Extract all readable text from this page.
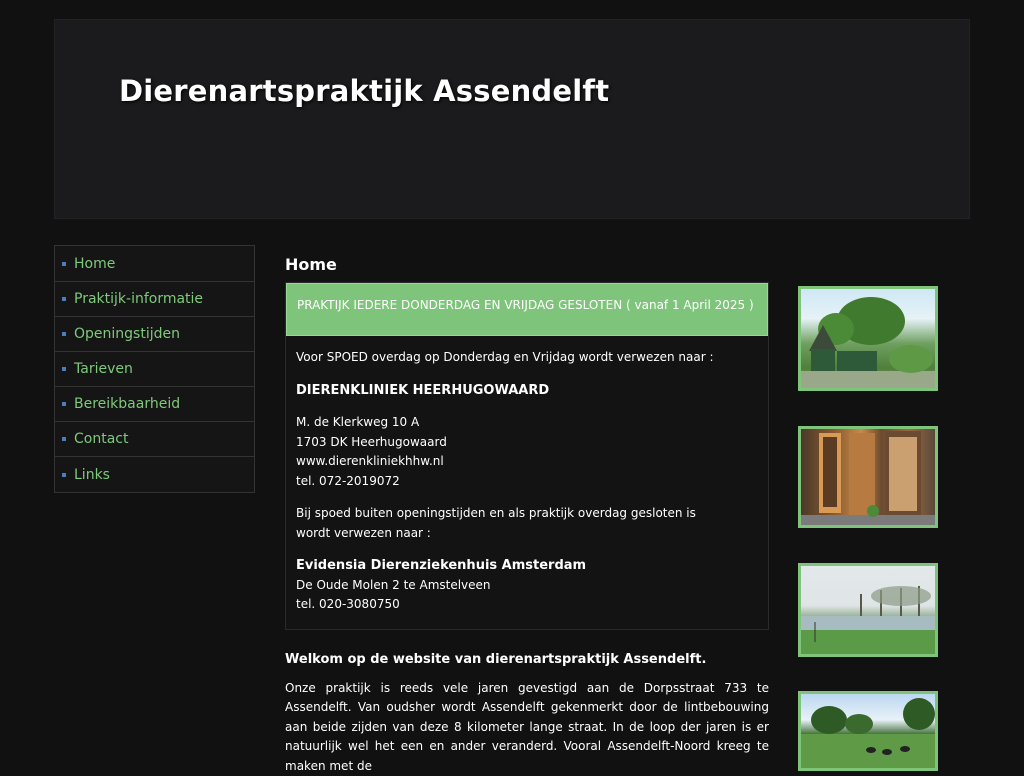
Dierenartspraktijk Assendelft
Home
Praktijk-informatie
Openingstijden
Tarieven
Bereikbaarheid
Contact
Links
Home
PRAKTIJK IEDERE DONDERDAG EN VRIJDAG GESLOTEN ( vanaf 1 April 2025 )

Voor SPOED overdag op Donderdag en Vrijdag wordt verwezen naar :

DIERENKLINIEK HEERHUGOWAARD

M. de Klerkweg 10 A

1703 DK Heerhugowaard

www.dierenkliniekhhw.nl

tel. 072-2019072

Bij spoed buiten openingstijden en als praktijk overdag gesloten is

wordt verwezen naar :

Evidensia Dierenziekenhuis Amsterdam

De Oude Molen 2 te Amstelveen

tel. 020-3080750

Welkom op de website van dierenartspraktijk Assendelft.

Onze praktijk is reeds vele jaren gevestigd aan de Dorpsstraat 733 te Assendelft. Van oudsher wordt Assendelft gekenmerkt door de lintbebouwing aan beide zijden van deze 8 kilometer lange straat. In de loop der jaren is er natuurlijk wel het een en ander veranderd. Vooral Assendelft-Noord kreeg te maken met de
